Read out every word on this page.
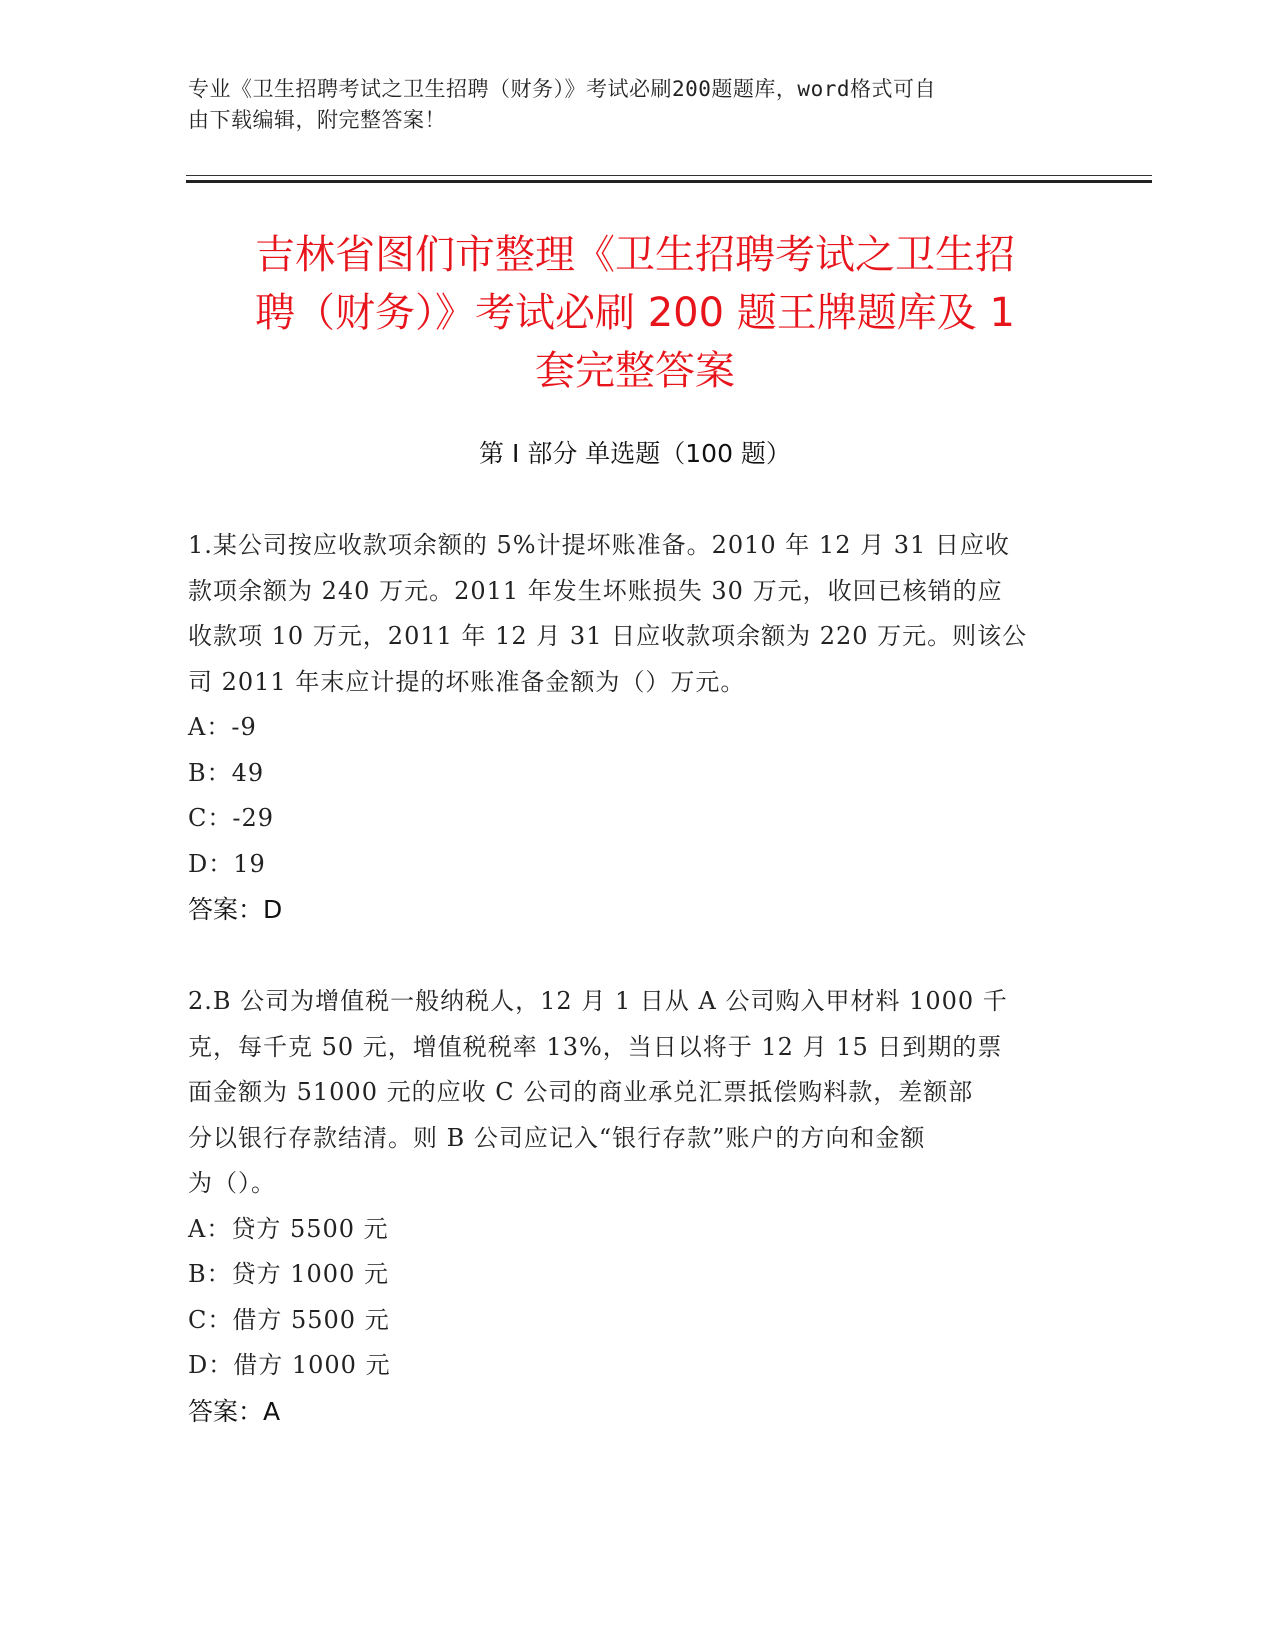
专业《卫生招聘考试之卫生招聘（财务）》考试必刷200题题库，word格式可自
由下载编辑，附完整答案！
吉林省图们市整理《卫生招聘考试之卫生招
聘（财务）》考试必刷 200 题王牌题库及 1
套完整答案
第 I 部分 单选题（100 题）

1.某公司按应收款项余额的 5%计提坏账准备。2010 年 12 月 31 日应收

款项余额为 240 万元。2011 年发生坏账损失 30 万元，收回已核销的应

收款项 10 万元，2011 年 12 月 31 日应收款项余额为 220 万元。则该公

司 2011 年末应计提的坏账准备金额为（）万元。

A：-9

B：49

C：-29

D：19

答案：D

2.B 公司为增值税一般纳税人，12 月 1 日从 A 公司购入甲材料 1000 千

克，每千克 50 元，增值税税率 13%，当日以将于 12 月 15 日到期的票

面金额为 51000 元的应收 C 公司的商业承兑汇票抵偿购料款，差额部

分以银行存款结清。则 B 公司应记入“银行存款”账户的方向和金额

为（）。

A：贷方 5500 元

B：贷方 1000 元

C：借方 5500 元

D：借方 1000 元

答案：A
